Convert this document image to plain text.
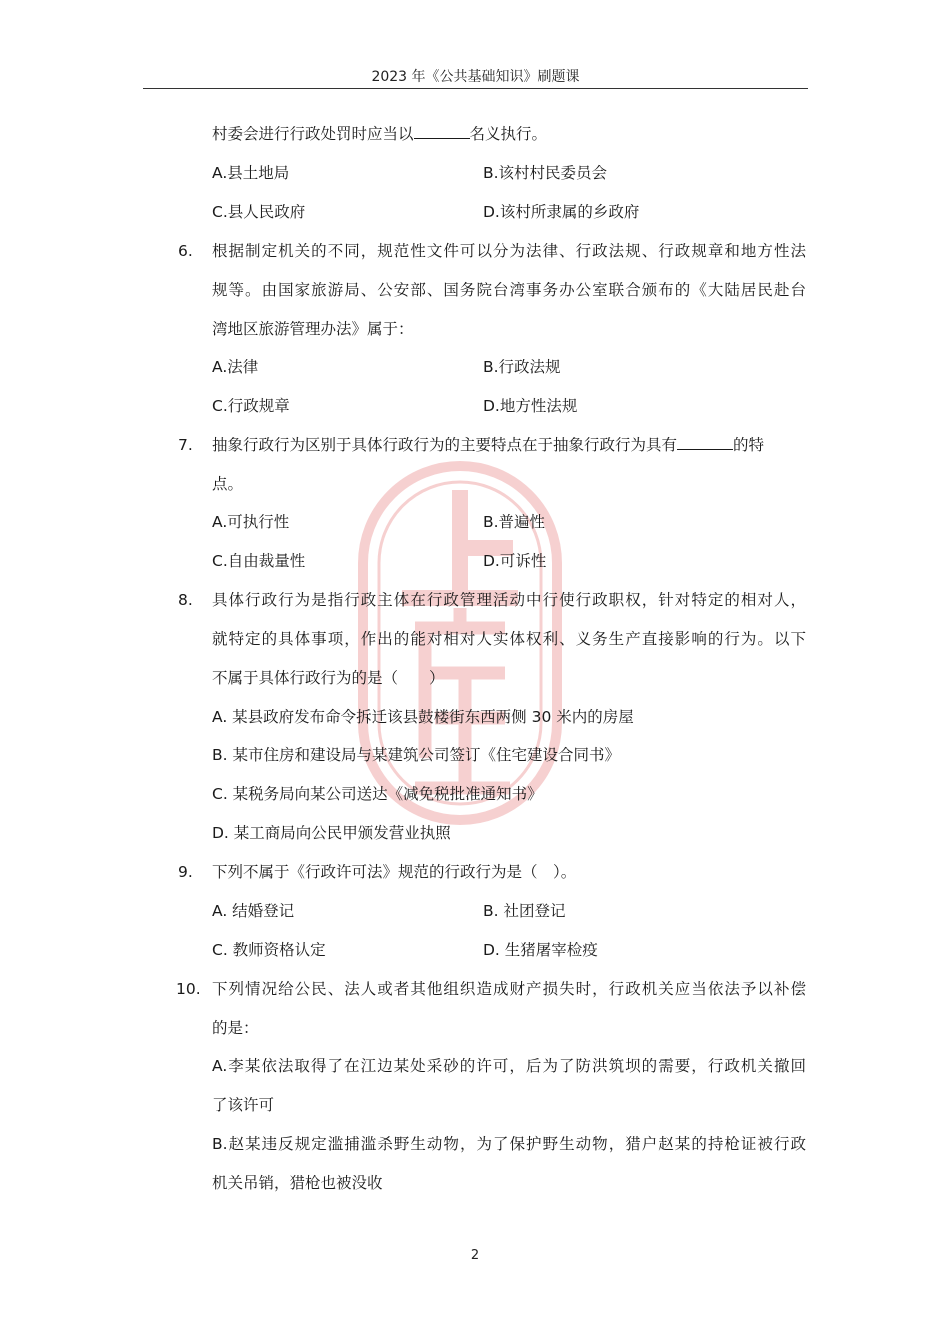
2023 年《公共基础知识》刷题课
村委会进行行政处罚时应当以	名义执行。
A.县土地局	B.该村村民委员会
C.县人民政府	D.该村所隶属的乡政府
6. 根据制定机关的不同，规范性文件可以分为法律、行政法规、行政规章和地方性法
规等。由国家旅游局、公安部、国务院台湾事务办公室联合颁布的《大陆居民赴台
湾地区旅游管理办法》属于：
A.法律	B.行政法规
C.行政规章	D.地方性法规
7. 抽象行政行为区别于具体行政行为的主要特点在于抽象行政行为具有	的特
点。
A.可执行性	B.普遍性
C.自由裁量性	D.可诉性
8. 具体行政行为是指行政主体在行政管理活动中行使行政职权，针对特定的相对人，
就特定的具体事项，作出的能对相对人实体权利、义务生产直接影响的行为。以下
不属于具体行政行为的是（　　）
A. 某县政府发布命令拆迁该县鼓楼街东西两侧 30 米内的房屋
B. 某市住房和建设局与某建筑公司签订《住宅建设合同书》
C. 某税务局向某公司送达《减免税批准通知书》
D. 某工商局向公民甲颁发营业执照
9. 下列不属于《行政许可法》规范的行政行为是（　）。
A. 结婚登记	B. 社团登记
C. 教师资格认定	D. 生猪屠宰检疫
10. 下列情况给公民、法人或者其他组织造成财产损失时，行政机关应当依法予以补偿
的是：
A.李某依法取得了在江边某处采砂的许可，后为了防洪筑坝的需要，行政机关撤回
了该许可
B.赵某违反规定滥捕滥杀野生动物，为了保护野生动物，猎户赵某的持枪证被行政
机关吊销，猎枪也被没收
2
